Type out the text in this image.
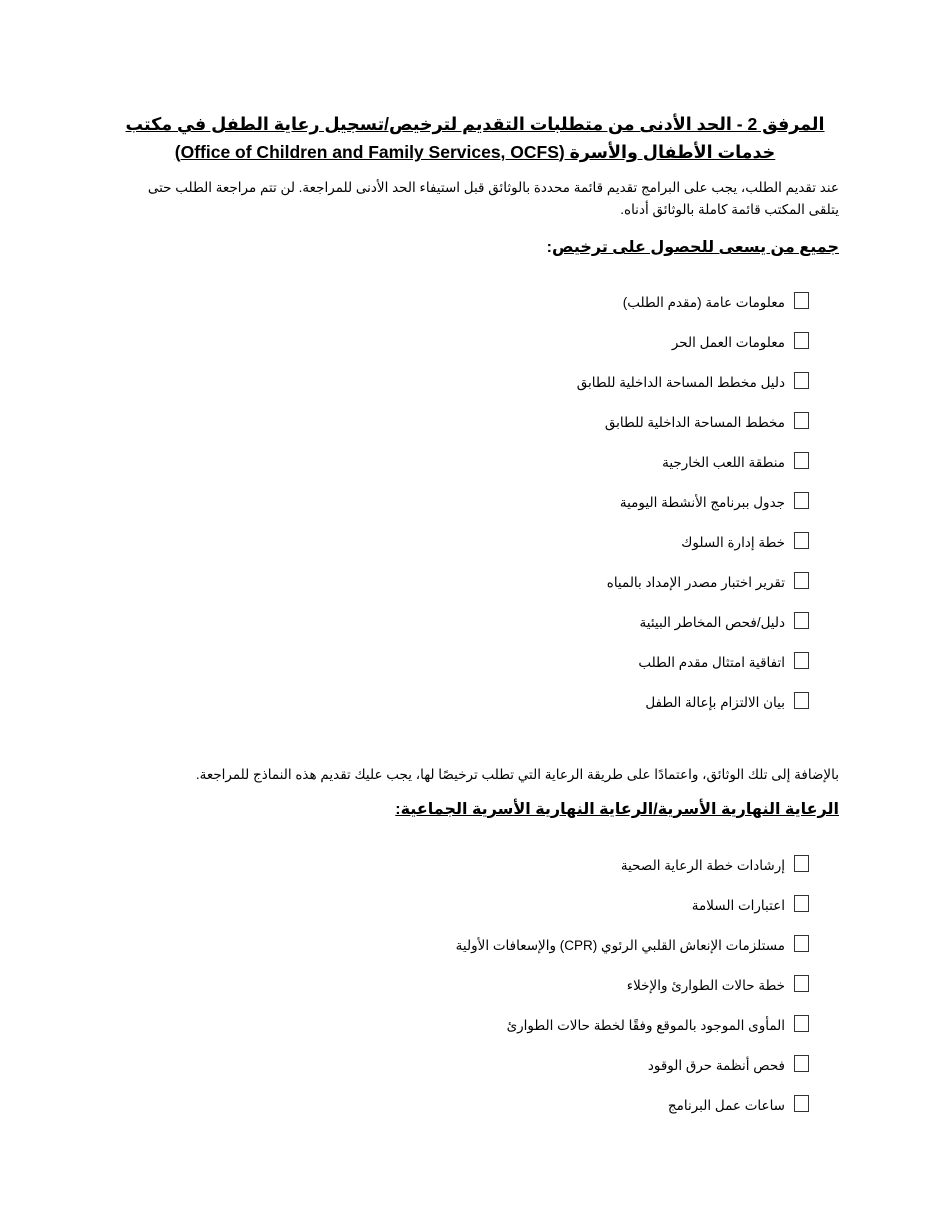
المرفق 2 - الحد الأدنى من متطلبات التقديم لترخيص/تسجيل رعاية الطفل في مكتب خدمات الأطفال والأسرة (Office of Children and Family Services, OCFS)

عند تقديم الطلب، يجب على البرامج تقديم قائمة محددة بالوثائق قبل استيفاء الحد الأدنى للمراجعة. لن تتم مراجعة الطلب حتى يتلقى المكتب قائمة كاملة بالوثائق أدناه.

جميع من يسعى للحصول على ترخيص:
معلومات عامة (مقدم الطلب)
معلومات العمل الحر
دليل مخطط المساحة الداخلية للطابق
مخطط المساحة الداخلية للطابق
منطقة اللعب الخارجية
جدول ببرنامج الأنشطة اليومية
خطة إدارة السلوك
تقرير اختبار مصدر الإمداد بالمياه
دليل/فحص المخاطر البيئية
اتفاقية امتثال مقدم الطلب
بيان الالتزام بإعالة الطفل

بالإضافة إلى تلك الوثائق، واعتمادًا على طريقة الرعاية التي تطلب ترخيصًا لها، يجب عليك تقديم هذه النماذج للمراجعة.

الرعاية النهارية الأسرية/الرعاية النهارية الأسرية الجماعية:
إرشادات خطة الرعاية الصحية
اعتبارات السلامة
مستلزمات الإنعاش القلبي الرئوي (CPR) والإسعافات الأولية
خطة حالات الطوارئ والإخلاء
المأوى الموجود بالموقع وفقًا لخطة حالات الطوارئ
فحص أنظمة حرق الوقود
ساعات عمل البرنامج
